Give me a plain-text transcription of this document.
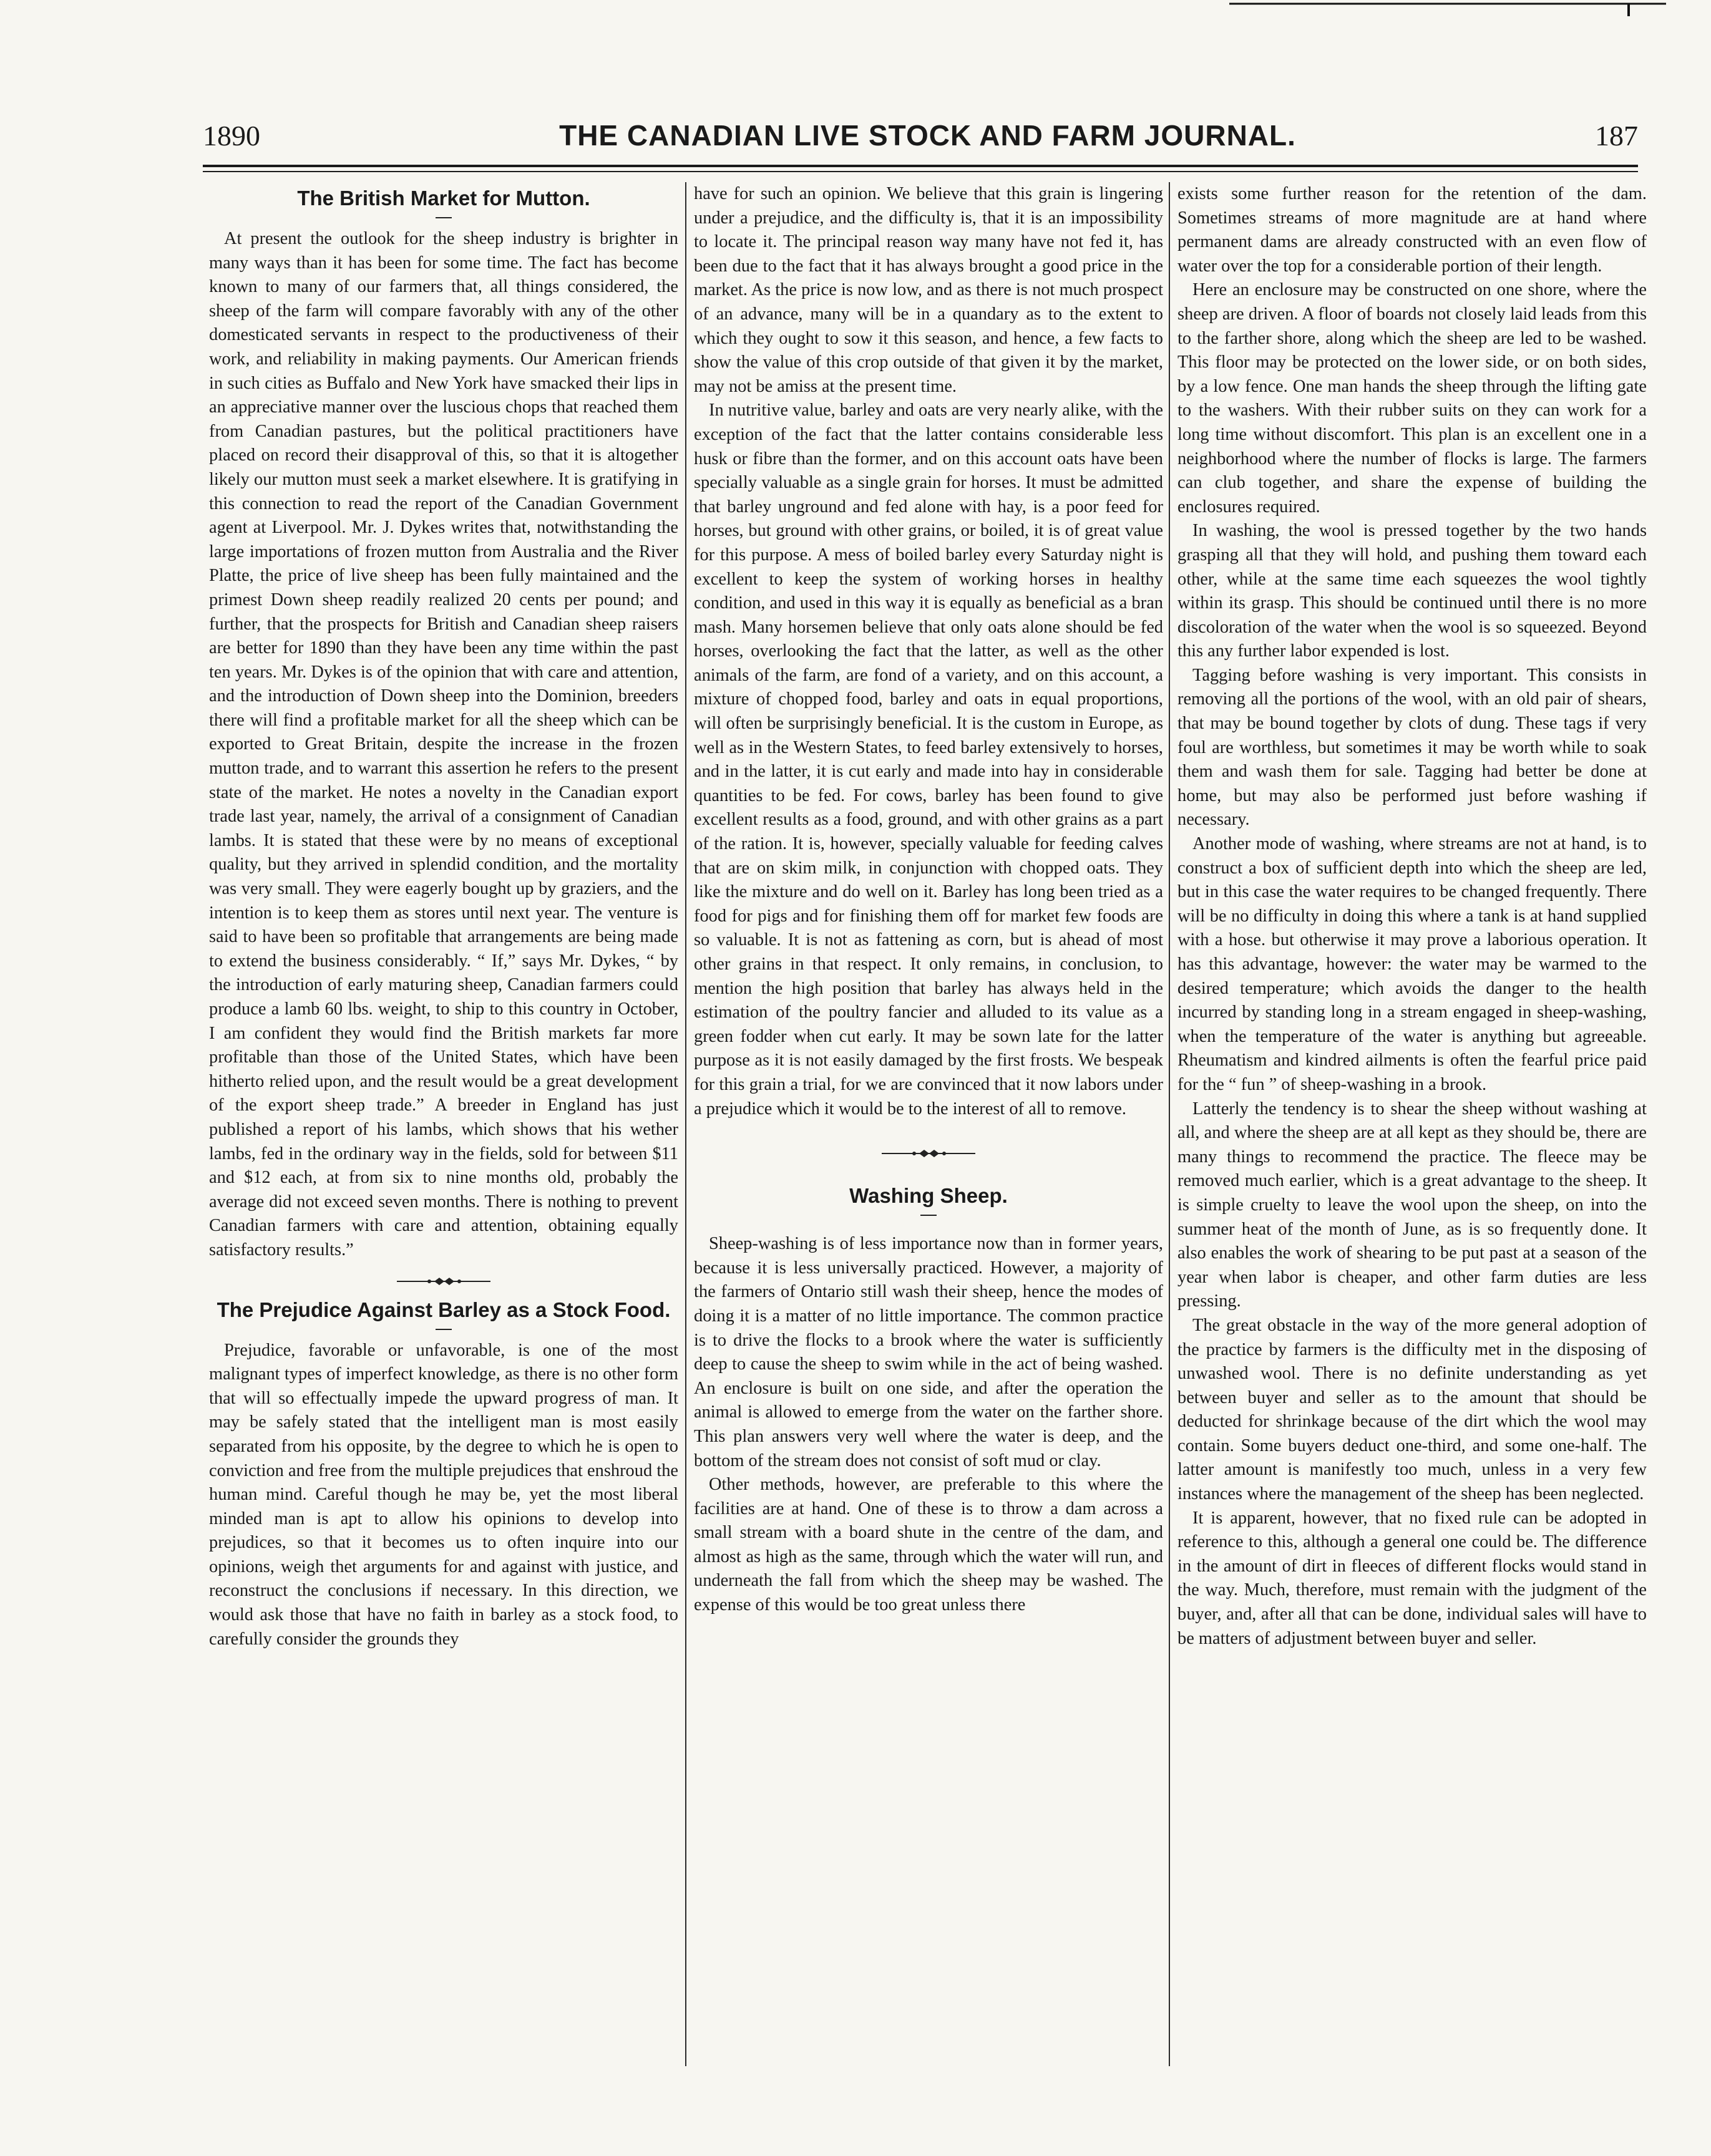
1890	THE CANADIAN LIVE STOCK AND FARM JOURNAL.	187
The British Market for Mutton.

At present the outlook for the sheep industry is brighter in many ways than it has been for some time. The fact has become known to many of our farmers that, all things considered, the sheep of the farm will compare favorably with any of the other domesticated servants in respect to the productiveness of their work, and reliability in making payments. Our American friends in such cities as Buffalo and New York have smacked their lips in an appreciative manner over the luscious chops that reached them from Canadian pastures, but the political practitioners have placed on record their disapproval of this, so that it is altogether likely our mutton must seek a market elsewhere. It is gratifying in this connection to read the report of the Canadian Government agent at Liverpool. Mr. J. Dykes writes that, notwithstanding the large importations of frozen mutton from Australia and the River Platte, the price of live sheep has been fully maintained and the primest Down sheep readily realized 20 cents per pound; and further, that the prospects for British and Canadian sheep raisers are better for 1890 than they have been any time within the past ten years. Mr. Dykes is of the opinion that with care and attention, and the introduction of Down sheep into the Dominion, breeders there will find a profitable market for all the sheep which can be exported to Great Britain, despite the increase in the frozen mutton trade, and to warrant this assertion he refers to the present state of the market. He notes a novelty in the Canadian export trade last year, namely, the arrival of a consignment of Canadian lambs. It is stated that these were by no means of exceptional quality, but they arrived in splendid condition, and the mortality was very small. They were eagerly bought up by graziers, and the intention is to keep them as stores until next year. The venture is said to have been so profitable that arrangements are being made to extend the business considerably. “ If,” says Mr. Dykes, “ by the introduction of early maturing sheep, Canadian farmers could produce a lamb 60 lbs. weight, to ship to this country in October, I am confident they would find the British markets far more profitable than those of the United States, which have been hitherto relied upon, and the result would be a great development of the export sheep trade.” A breeder in England has just published a report of his lambs, which shows that his wether lambs, fed in the ordinary way in the fields, sold for between $11 and $12 each, at from six to nine months old, probably the average did not exceed seven months. There is nothing to prevent Canadian farmers with care and attention, obtaining equally satisfactory results.”

The Prejudice Against Barley as a Stock Food.

Prejudice, favorable or unfavorable, is one of the most malignant types of imperfect knowledge, as there is no other form that will so effectually impede the upward progress of man. It may be safely stated that the intelligent man is most easily separated from his opposite, by the degree to which he is open to conviction and free from the multiple prejudices that enshroud the human mind. Careful though he may be, yet the most liberal minded man is apt to allow his opinions to develop into prejudices, so that it becomes us to often inquire into our opinions, weigh thet arguments for and against with justice, and reconstruct the conclusions if necessary. In this direction, we would ask those that have no faith in barley as a stock food, to carefully consider the grounds they

have for such an opinion. We believe that this grain is lingering under a prejudice, and the difficulty is, that it is an impossibility to locate it. The principal reason way many have not fed it, has been due to the fact that it has always brought a good price in the market. As the price is now low, and as there is not much prospect of an advance, many will be in a quandary as to the extent to which they ought to sow it this season, and hence, a few facts to show the value of this crop outside of that given it by the market, may not be amiss at the present time.

In nutritive value, barley and oats are very nearly alike, with the exception of the fact that the latter contains considerable less husk or fibre than the former, and on this account oats have been specially valuable as a single grain for horses. It must be admitted that barley unground and fed alone with hay, is a poor feed for horses, but ground with other grains, or boiled, it is of great value for this purpose. A mess of boiled barley every Saturday night is excellent to keep the system of working horses in healthy condition, and used in this way it is equally as beneficial as a bran mash. Many horsemen believe that only oats alone should be fed horses, overlooking the fact that the latter, as well as the other animals of the farm, are fond of a variety, and on this account, a mixture of chopped food, barley and oats in equal proportions, will often be surprisingly beneficial. It is the custom in Europe, as well as in the Western States, to feed barley extensively to horses, and in the latter, it is cut early and made into hay in considerable quantities to be fed. For cows, barley has been found to give excellent results as a food, ground, and with other grains as a part of the ration. It is, however, specially valuable for feeding calves that are on skim milk, in conjunction with chopped oats. They like the mixture and do well on it. Barley has long been tried as a food for pigs and for finishing them off for market few foods are so valuable. It is not as fattening as corn, but is ahead of most other grains in that respect. It only remains, in conclusion, to mention the high position that barley has always held in the estimation of the poultry fancier and alluded to its value as a green fodder when cut early. It may be sown late for the latter purpose as it is not easily damaged by the first frosts. We bespeak for this grain a trial, for we are convinced that it now labors under a prejudice which it would be to the interest of all to remove.

Washing Sheep.

Sheep-washing is of less importance now than in former years, because it is less universally practiced. However, a majority of the farmers of Ontario still wash their sheep, hence the modes of doing it is a matter of no little importance. The common practice is to drive the flocks to a brook where the water is sufficiently deep to cause the sheep to swim while in the act of being washed. An enclosure is built on one side, and after the operation the animal is allowed to emerge from the water on the farther shore. This plan answers very well where the water is deep, and the bottom of the stream does not consist of soft mud or clay.

Other methods, however, are preferable to this where the facilities are at hand. One of these is to throw a dam across a small stream with a board shute in the centre of the dam, and almost as high as the same, through which the water will run, and underneath the fall from which the sheep may be washed. The expense of this would be too great unless there

exists some further reason for the retention of the dam. Sometimes streams of more magnitude are at hand where permanent dams are already constructed with an even flow of water over the top for a considerable portion of their length.

Here an enclosure may be constructed on one shore, where the sheep are driven. A floor of boards not closely laid leads from this to the farther shore, along which the sheep are led to be washed. This floor may be protected on the lower side, or on both sides, by a low fence. One man hands the sheep through the lifting gate to the washers. With their rubber suits on they can work for a long time without discomfort. This plan is an excellent one in a neighborhood where the number of flocks is large. The farmers can club together, and share the expense of building the enclosures required.

In washing, the wool is pressed together by the two hands grasping all that they will hold, and pushing them toward each other, while at the same time each squeezes the wool tightly within its grasp. This should be continued until there is no more discoloration of the water when the wool is so squeezed. Beyond this any further labor expended is lost.

Tagging before washing is very important. This consists in removing all the portions of the wool, with an old pair of shears, that may be bound together by clots of dung. These tags if very foul are worthless, but sometimes it may be worth while to soak them and wash them for sale. Tagging had better be done at home, but may also be performed just before washing if necessary.

Another mode of washing, where streams are not at hand, is to construct a box of sufficient depth into which the sheep are led, but in this case the water requires to be changed frequently. There will be no difficulty in doing this where a tank is at hand supplied with a hose. but otherwise it may prove a laborious operation. It has this advantage, however: the water may be warmed to the desired temperature; which avoids the danger to the health incurred by standing long in a stream engaged in sheep-washing, when the temperature of the water is anything but agreeable. Rheumatism and kindred ailments is often the fearful price paid for the “ fun ” of sheep-washing in a brook.

Latterly the tendency is to shear the sheep without washing at all, and where the sheep are at all kept as they should be, there are many things to recommend the practice. The fleece may be removed much earlier, which is a great advantage to the sheep. It is simple cruelty to leave the wool upon the sheep, on into the summer heat of the month of June, as is so frequently done. It also enables the work of shearing to be put past at a season of the year when labor is cheaper, and other farm duties are less pressing.

The great obstacle in the way of the more general adoption of the practice by farmers is the difficulty met in the disposing of unwashed wool. There is no definite understanding as yet between buyer and seller as to the amount that should be deducted for shrinkage because of the dirt which the wool may contain. Some buyers deduct one-third, and some one-half. The latter amount is manifestly too much, unless in a very few instances where the management of the sheep has been neglected.

It is apparent, however, that no fixed rule can be adopted in reference to this, although a general one could be. The difference in the amount of dirt in fleeces of different flocks would stand in the way. Much, therefore, must remain with the judgment of the buyer, and, after all that can be done, individual sales will have to be matters of adjustment between buyer and seller.
